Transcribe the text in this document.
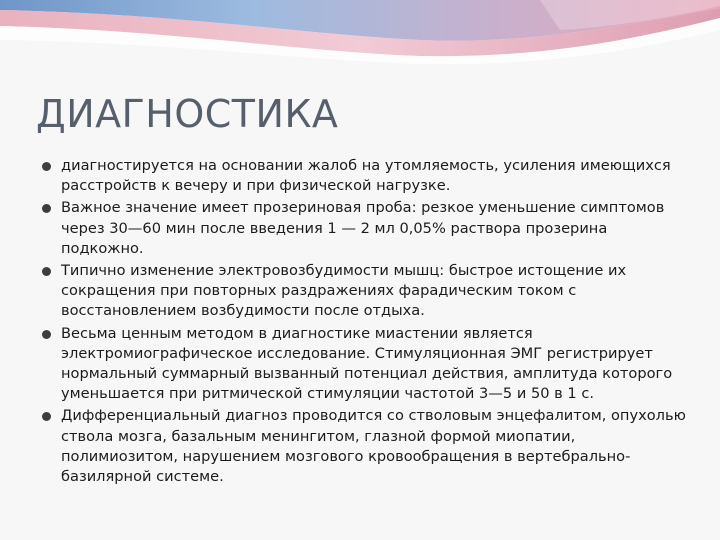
ДИАГНОСТИКА
диагностируется на основании жалоб на утомляемость, усиления имеющихся расстройств к вечеру и при физической нагрузке.
Важное значение имеет прозериновая проба: резкое уменьшение симптомов через 30—60 мин после введения 1 — 2 мл 0,05% раствора прозерина подкожно.
Типично изменение электровозбудимости мышц: быстрое истощение их сокращения при повторных раздражениях фарадическим током с восстановлением возбудимости после отдыха.
Весьма ценным методом в диагностике миастении является электромиографическое исследование. Стимуляционная ЭМГ регистрирует нормальный суммарный вызванный потенциал действия, амплитуда которого уменьшается при ритмической стимуляции частотой 3—5 и 50 в 1 с.
Дифференциальный диагноз проводится со стволовым энцефалитом, опухолью ствола мозга, базальным менингитом, глазной формой миопатии, полимиозитом, нарушением мозгового кровообращения в вертебрально-базилярной системе.
